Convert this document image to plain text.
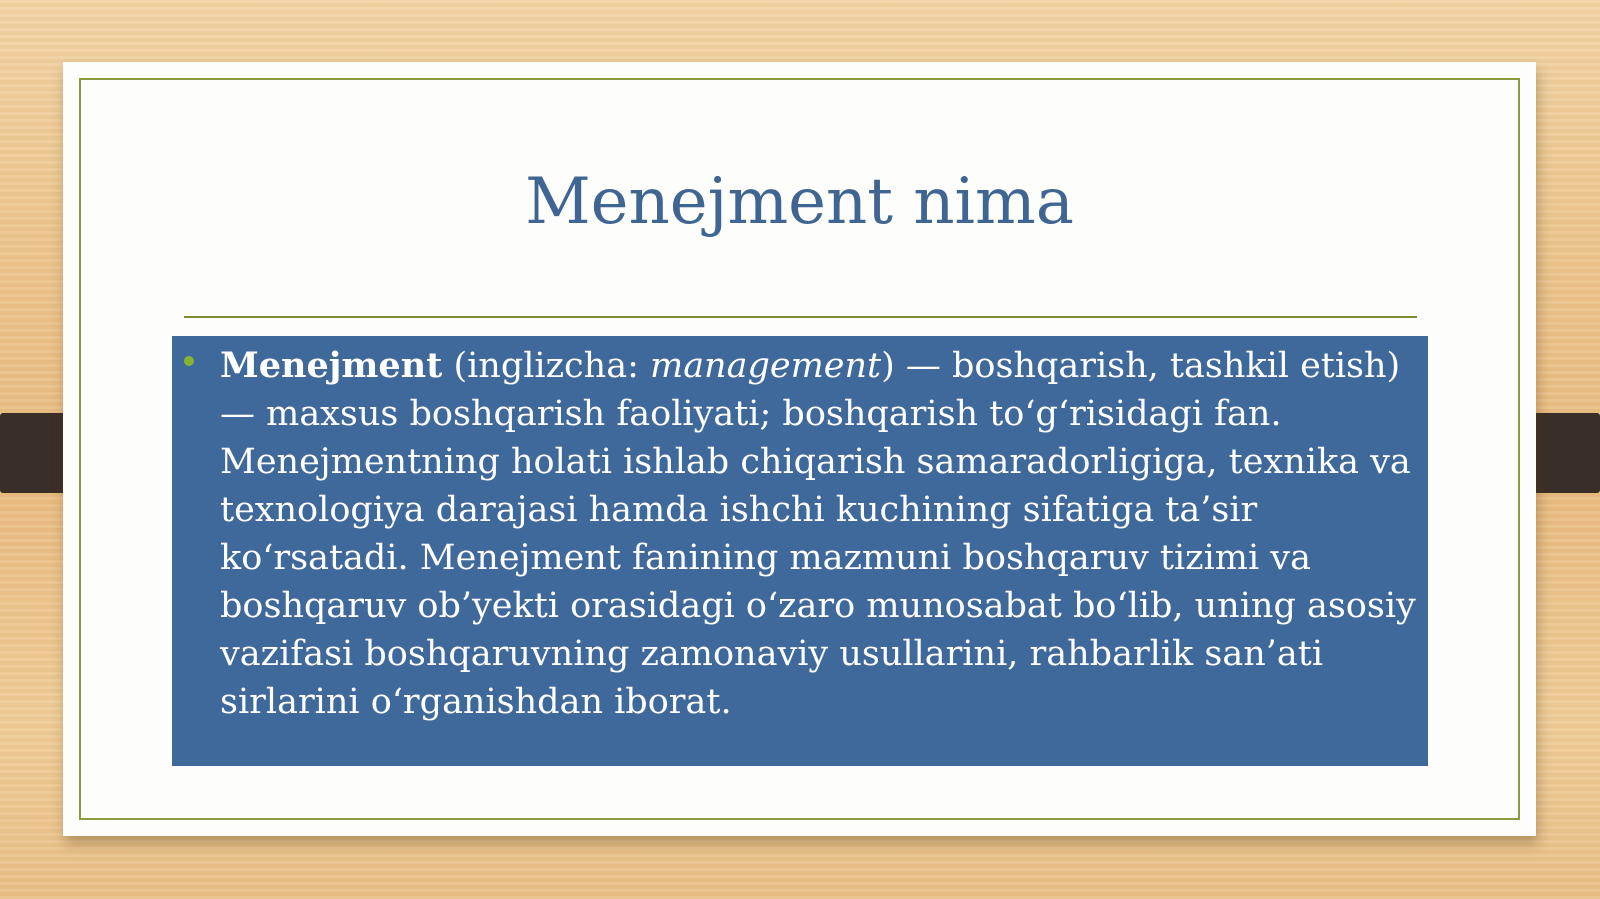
Menejment nima

Menejment (inglizcha: management) — boshqarish, tashkil etish) — maxsus boshqarish faoliyati; boshqarish to‘g‘risidagi fan. Menejmentning holati ishlab chiqarish samaradorligiga, texnika va texnologiya darajasi hamda ishchi kuchining sifatiga ta’sir ko‘rsatadi. Menejment fanining mazmuni boshqaruv tizimi va boshqaruv ob’yekti orasidagi o‘zaro munosabat bo‘lib, uning asosiy vazifasi boshqaruvning zamonaviy usullarini, rahbarlik san’ati sirlarini o‘rganishdan iborat.
